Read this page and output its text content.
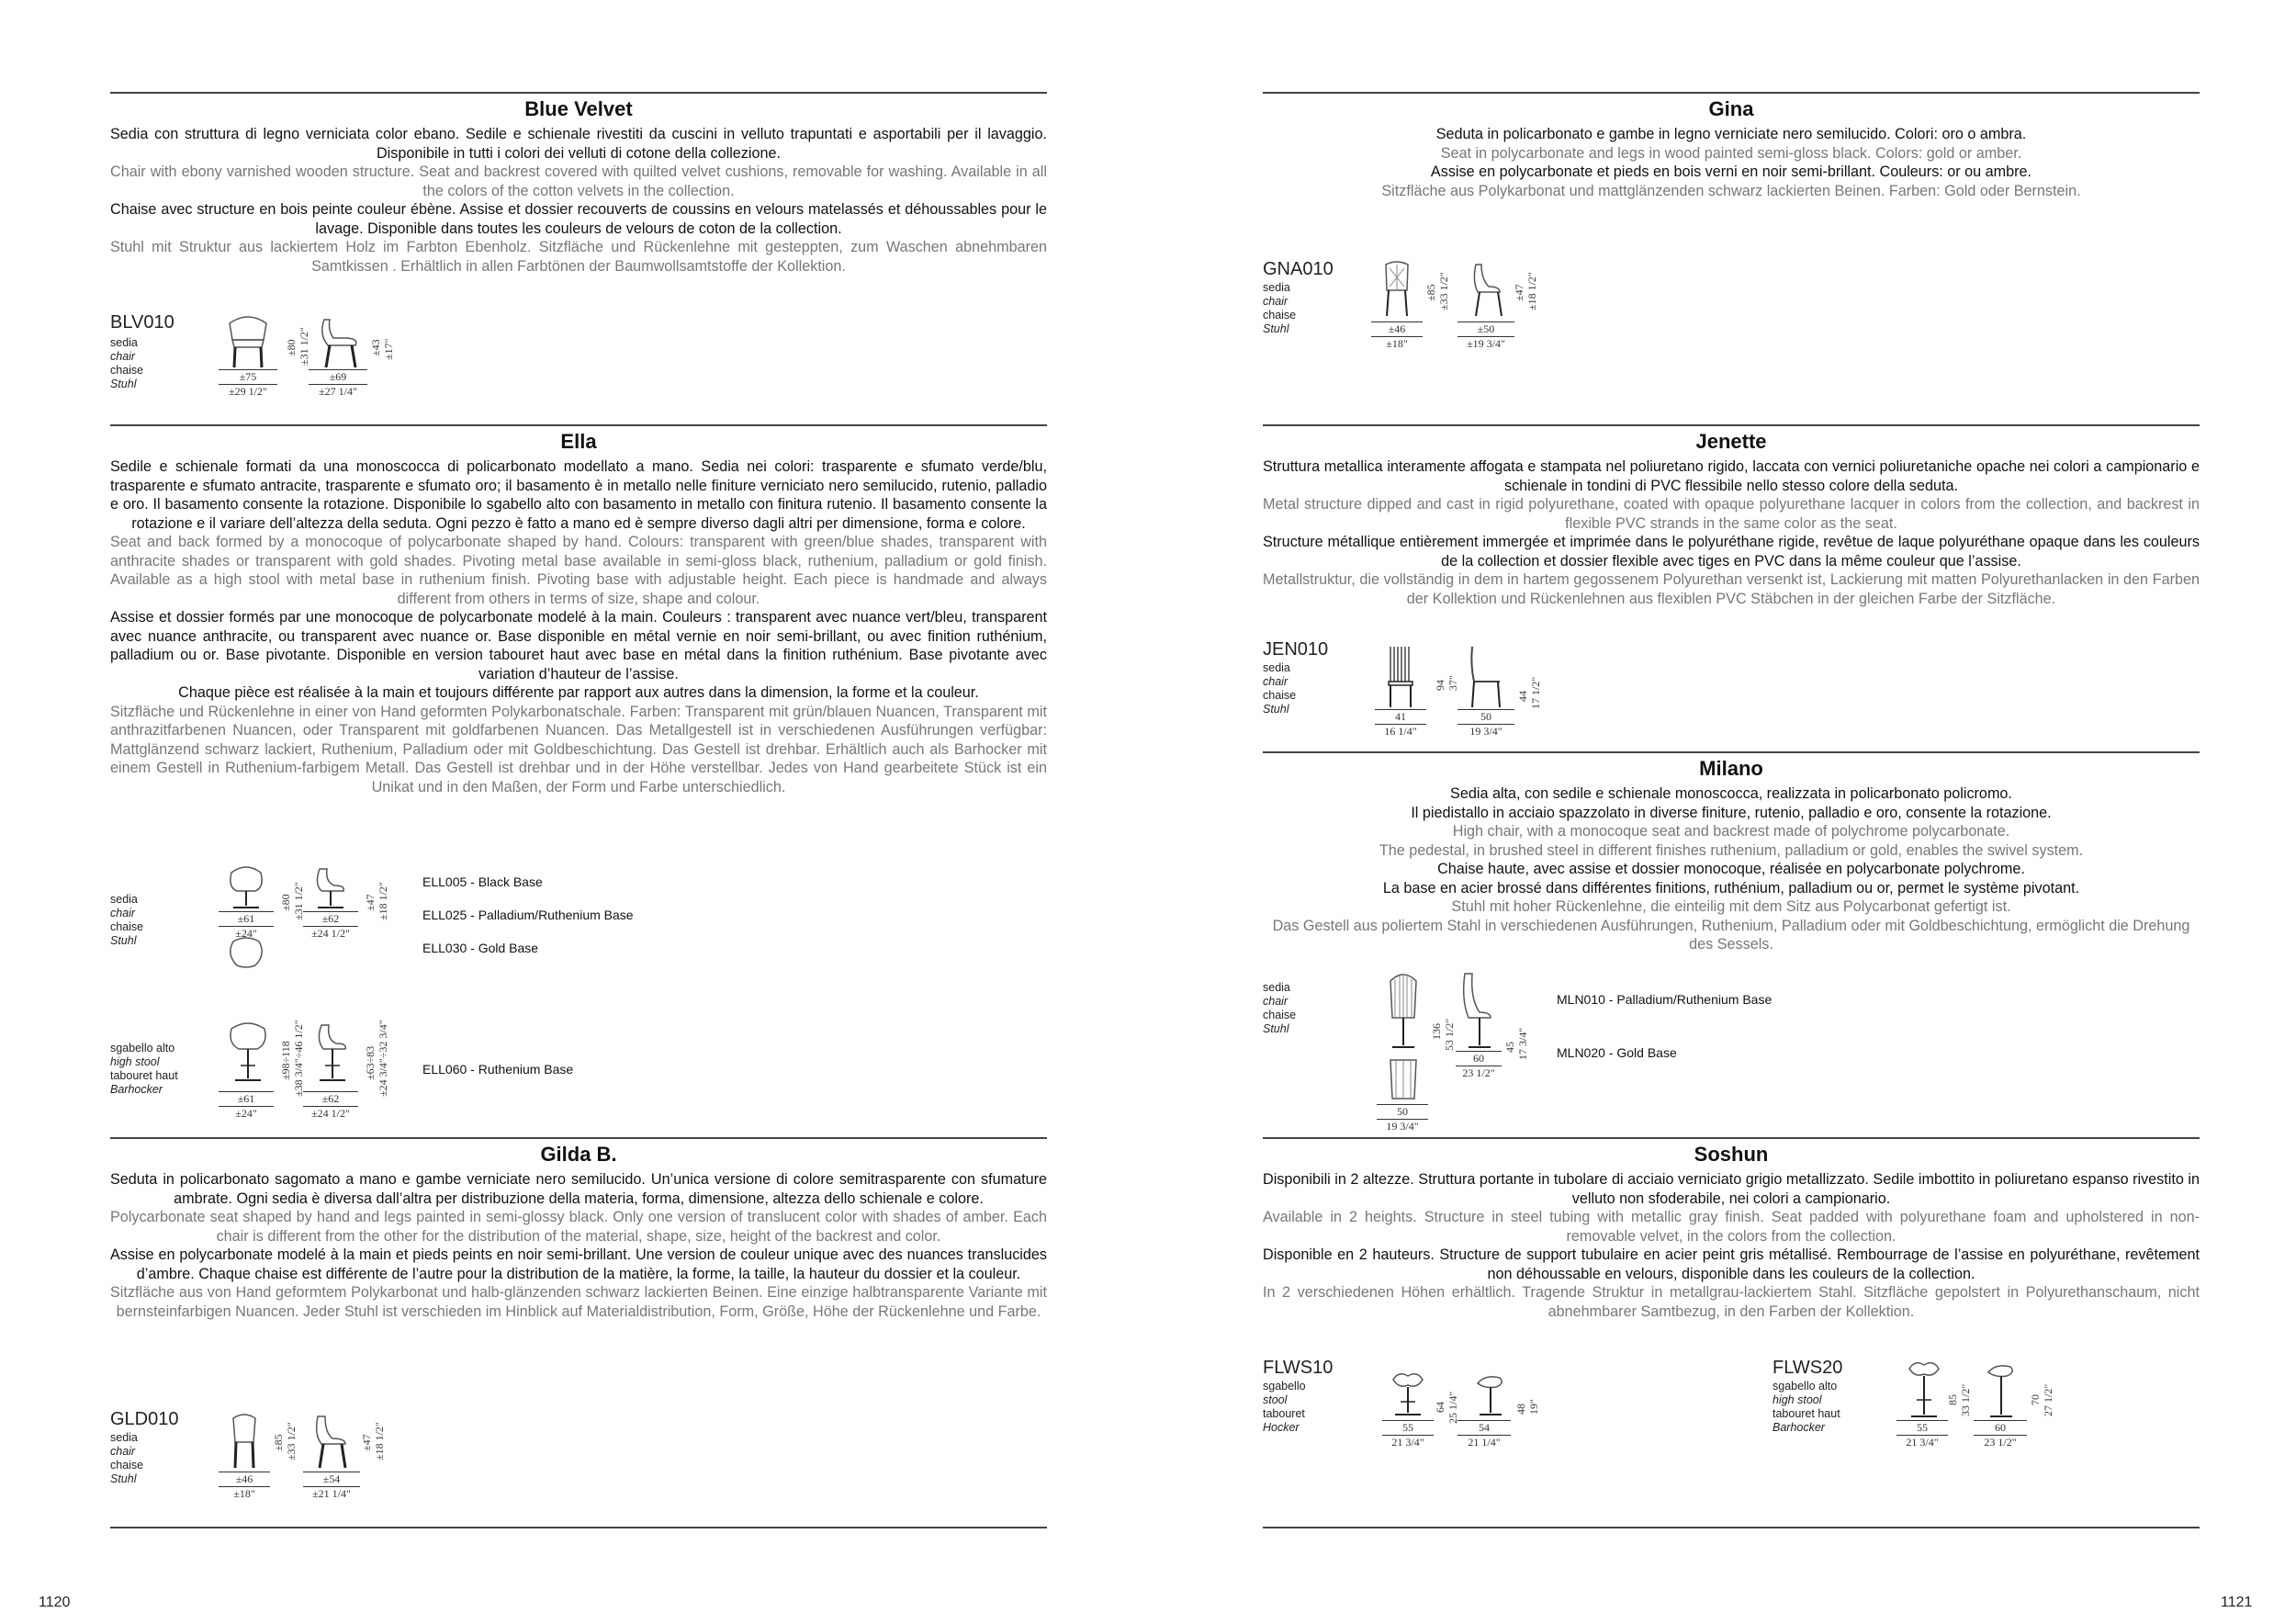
Blue Velvet

Sedia con struttura di legno verniciata color ebano. Sedile e schienale rivestiti da cuscini in velluto trapuntati e asportabili per il lavaggio. Disponibile in tutti i colori dei velluti di cotone della collezione.

Chair with ebony varnished wooden structure. Seat and backrest covered with quilted velvet cushions, removable for washing. Available in all the colors of the cotton velvets in the collection.

Chaise avec structure en bois peinte couleur ébène. Assise et dossier recouverts de coussins en velours matelassés et déhoussables pour le lavage. Disponible dans toutes les couleurs de velours de coton de la collection.

Stuhl mit Struktur aus lackiertem Holz im Farbton Ebenholz. Sitzfläche und Rückenlehne mit gesteppten, zum Waschen abnehmbaren Samtkissen . Erhältlich in allen Farbtönen der Baumwollsamtstoffe der Kollektion.

BLV010
sedia
chair
chaise
Stuhl
±80 ±31 1/2"	±43 ±17"
±75
±29 1/2"
±69
±27 1/4"
Ella

Sedile e schienale formati da una monoscocca di policarbonato modellato a mano. Sedia nei colori: trasparente e sfumato verde/blu, trasparente e sfumato antracite, trasparente e sfumato oro; il basamento è in metallo nelle finiture verniciato nero semilucido, rutenio, palladio e oro. Il basamento consente la rotazione. Disponibile lo sgabello alto con basamento in metallo con finitura rutenio. Il basamento consente la rotazione e il variare dell’altezza della seduta. Ogni pezzo è fatto a mano ed è sempre diverso dagli altri per dimensione, forma e colore.

Seat and back formed by a monocoque of polycarbonate shaped by hand. Colours: transparent with green/blue shades, transparent with anthracite shades or transparent with gold shades. Pivoting metal base available in semi-gloss black, ruthenium, palladium or gold finish. Available as a high stool with metal base in ruthenium finish. Pivoting base with adjustable height. Each piece is handmade and always different from others in terms of size, shape and colour.

Assise et dossier formés par une monocoque de polycarbonate modelé à la main. Couleurs : transparent avec nuance vert/bleu, transparent avec nuance anthracite, ou transparent avec nuance or. Base disponible en métal vernie en noir semi-brillant, ou avec finition ruthénium, palladium ou or. Base pivotante. Disponible en version tabouret haut avec base en métal dans la finition ruthénium. Base pivotante avec variation d’hauteur de l’assise.

Chaque pièce est réalisée à la main et toujours différente par rapport aux autres dans la dimension, la forme et la couleur.

Sitzfläche und Rückenlehne in einer von Hand geformten Polykarbonatschale. Farben: Transparent mit grün/blauen Nuancen, Transparent mit anthrazitfarbenen Nuancen, oder Transparent mit goldfarbenen Nuancen. Das Metallgestell ist in verschiedenen Ausführungen verfügbar: Mattglänzend schwarz lackiert, Ruthenium, Palladium oder mit Goldbeschichtung. Das Gestell ist drehbar. Erhältlich auch als Barhocker mit einem Gestell in Ruthenium-farbigem Metall. Das Gestell ist drehbar und in der Höhe verstellbar. Jedes von Hand gearbeitete Stück ist ein Unikat und in den Maßen, der Form und Farbe unterschiedlich.

sedia
chair
chaise
Stuhl
±80 ±31 1/2"	±47 ±18 1/2"
±61
±24"
±62
±24 1/2"
ELL005 - Black Base
ELL025 - Palladium/Ruthenium Base
ELL030 - Gold Base
sgabello alto
high stool
tabouret haut
Barhocker
±98÷118 ±38 3/4"÷46 1/2"	±63÷83 ±24 3/4"÷32 3/4"
±61
±24"
±62
±24 1/2"
ELL060 - Ruthenium Base
Gilda B.

Seduta in policarbonato sagomato a mano e gambe verniciate nero semilucido. Un’unica versione di colore semitrasparente con sfumature ambrate. Ogni sedia è diversa dall’altra per distribuzione della materia, forma, dimensione, altezza dello schienale e colore.

Polycarbonate seat shaped by hand and legs painted in semi-glossy black. Only one version of translucent color with shades of amber. Each chair is different from the other for the distribution of the material, shape, size, height of the backrest and color.

Assise en polycarbonate modelé à la main et pieds peints en noir semi-brillant. Une version de couleur unique avec des nuances translucides d’ambre. Chaque chaise est différente de l’autre pour la distribution de la matière, la forme, la taille, la hauteur du dossier et la couleur.

Sitzfläche aus von Hand geformtem Polykarbonat und halb-glänzenden schwarz lackierten Beinen. Eine einzige halbtransparente Variante mit bernsteinfarbigen Nuancen. Jeder Stuhl ist verschieden im Hinblick auf Materialdistribution, Form, Größe, Höhe der Rückenlehne und Farbe.

GLD010
sedia
chair
chaise
Stuhl
±85 ±33 1/2"	±47 ±18 1/2"
±46
±18"
±54
±21 1/4"
1120
Gina

Seduta in policarbonato e gambe in legno verniciate nero semilucido. Colori: oro o ambra.

Seat in polycarbonate and legs in wood painted semi-gloss black. Colors: gold or amber.

Assise en polycarbonate et pieds en bois verni en noir semi-brillant. Couleurs: or ou ambre.

Sitzfläche aus Polykarbonat und mattglänzenden schwarz lackierten Beinen. Farben: Gold oder Bernstein.

GNA010
sedia
chair
chaise
Stuhl
±85 ±33 1/2"	±47 ±18 1/2"
±46
±18"
±50
±19 3/4"
Jenette

Struttura metallica interamente affogata e stampata nel poliuretano rigido, laccata con vernici poliuretaniche opache nei colori a campionario e schienale in tondini di PVC flessibile nello stesso colore della seduta.

Metal structure dipped and cast in rigid polyurethane, coated with opaque polyurethane lacquer in colors from the collection, and backrest in flexible PVC strands in the same color as the seat.

Structure métallique entièrement immergée et imprimée dans le polyuréthane rigide, revêtue de laque polyuréthane opaque dans les couleurs de la collection et dossier flexible avec tiges en PVC dans la même couleur que l’assise.

Metallstruktur, die vollständig in dem in hartem gegossenem Polyurethan versenkt ist, Lackierung mit matten Polyurethanlacken in den Farben der Kollektion und Rückenlehnen aus flexiblen PVC Stäbchen in der gleichen Farbe der Sitzfläche.

JEN010
sedia
chair
chaise
Stuhl
94 37"
44 17 1/2"
41
16 1/4"
50
19 3/4"
Milano

Sedia alta, con sedile e schienale monoscocca, realizzata in policarbonato policromo.

Il piedistallo in acciaio spazzolato in diverse finiture, rutenio, palladio e oro, consente la rotazione.

High chair, with a monocoque seat and backrest made of polychrome polycarbonate.

The pedestal, in brushed steel in different finishes ruthenium, palladium or gold, enables the swivel system.

Chaise haute, avec assise et dossier monocoque, réalisée en polycarbonate polychrome.

La base en acier brossé dans différentes finitions, ruthénium, palladium ou or, permet le système pivotant.

Stuhl mit hoher Rückenlehne, die einteilig mit dem Sitz aus Polycarbonat gefertigt ist.

Das Gestell aus poliertem Stahl in verschiedenen Ausführungen, Ruthenium, Palladium oder mit Goldbeschichtung, ermöglicht die Drehung des Sessels.

sedia
chair
chaise
Stuhl	136 53 1/2"	45 17 3/4"
60
23 1/2"
50
19 3/4"
MLN010 - Palladium/Ruthenium Base
MLN020 - Gold Base
Soshun

Disponibili in 2 altezze. Struttura portante in tubolare di acciaio verniciato grigio metallizzato. Sedile imbottito in poliuretano espanso rivestito in velluto non sfoderabile, nei colori a campionario.

Available in 2 heights. Structure in steel tubing with metallic gray finish. Seat padded with polyurethane foam and upholstered in non-removable velvet, in the colors from the collection.

Disponible en 2 hauteurs. Structure de support tubulaire en acier peint gris métallisé. Rembourrage de l’assise en polyuréthane, revêtement non déhoussable en velours, disponible dans les couleurs de la collection.

In 2 verschiedenen Höhen erhältlich. Tragende Struktur in metallgrau-lackiertem Stahl. Sitzfläche gepolstert in Polyurethanschaum, nicht abnehmbarer Samtbezug, in den Farben der Kollektion.

FLWS10
sgabello
stool
tabouret
Hocker
64 25 1/4"	48 19"
55
21 3/4"
54
21 1/4"
FLWS20
sgabello alto
high stool
tabouret haut
Barhocker
85 33 1/2"	70 27 1/2"
55
21 3/4"
60
23 1/2"
1121
